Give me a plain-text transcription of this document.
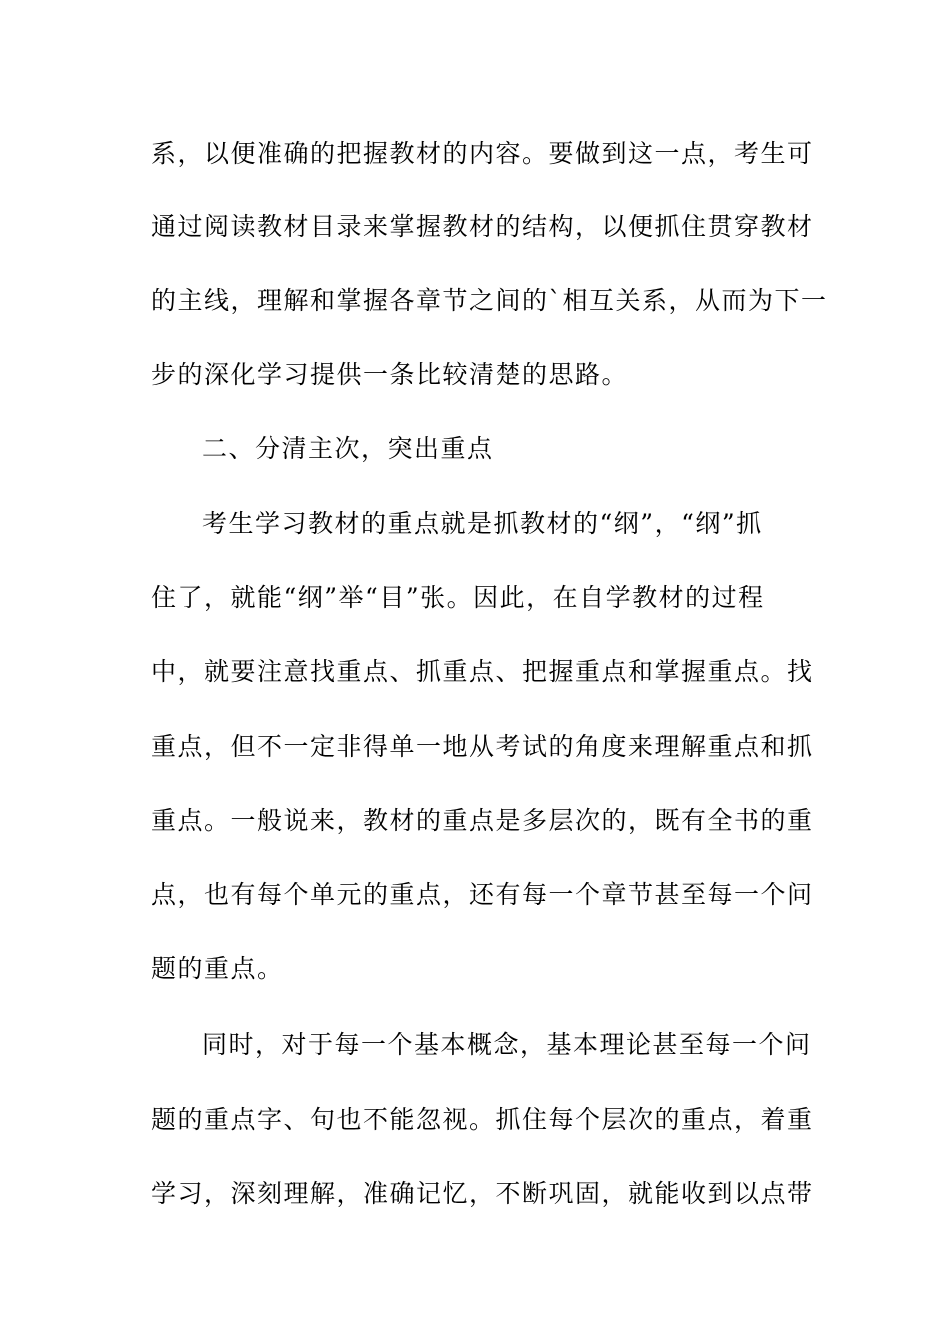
系，以便准确的把握教材的内容。要做到这一点，考生可
通过阅读教材目录来掌握教材的结构，以便抓住贯穿教材
的主线，理解和掌握各章节之间的`相互关系，从而为下一
步的深化学习提供一条比较清楚的思路。
二、分清主次，突出重点
考生学习教材的重点就是抓教材的“纲”，“纲”抓
住了，就能“纲”举“目”张。因此，在自学教材的过程
中，就要注意找重点、抓重点、把握重点和掌握重点。找
重点，但不一定非得单一地从考试的角度来理解重点和抓
重点。一般说来，教材的重点是多层次的，既有全书的重
点，也有每个单元的重点，还有每一个章节甚至每一个问
题的重点。
同时，对于每一个基本概念，基本理论甚至每一个问
题的重点字、句也不能忽视。抓住每个层次的重点，着重
学习，深刻理解，准确记忆，不断巩固，就能收到以点带
